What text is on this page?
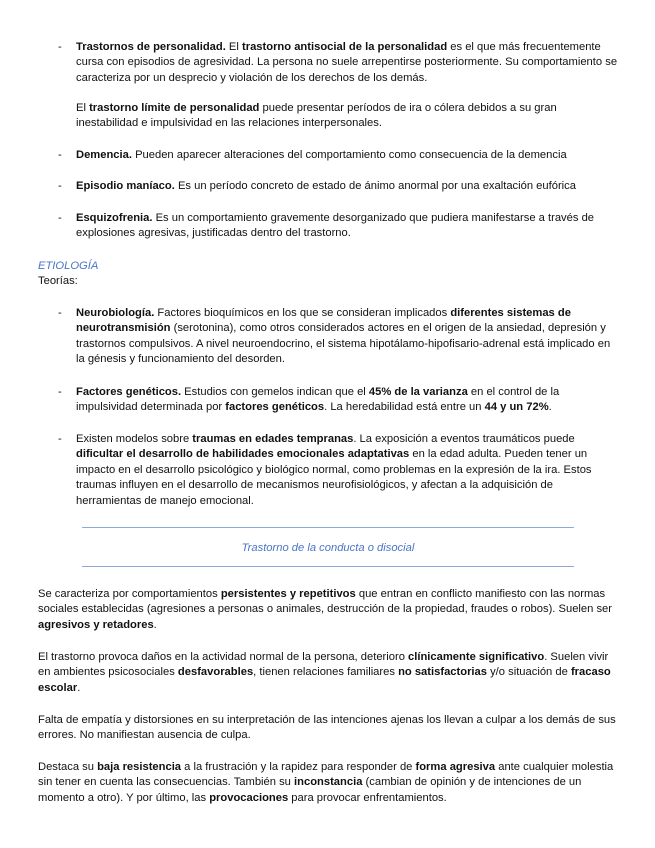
- Trastornos de personalidad. El trastorno antisocial de la personalidad es el que más frecuentemente cursa con episodios de agresividad. La persona no suele arrepentirse posteriormente. Su comportamiento se caracteriza por un desprecio y violación de los derechos de los demás.
El trastorno límite de personalidad puede presentar períodos de ira o cólera debidos a su gran inestabilidad e impulsividad en las relaciones interpersonales.
- Demencia. Pueden aparecer alteraciones del comportamiento como consecuencia de la demencia
- Episodio maníaco. Es un período concreto de estado de ánimo anormal por una exaltación eufórica
- Esquizofrenia. Es un comportamiento gravemente desorganizado que pudiera manifestarse a través de explosiones agresivas, justificadas dentro del trastorno.
ETIOLOGÍA
Teorías:
- Neurobiología. Factores bioquímicos en los que se consideran implicados diferentes sistemas de neurotransmisión (serotonina), como otros considerados actores en el origen de la ansiedad, depresión y trastornos compulsivos. A nivel neuroendocrino, el sistema hipotálamo-hipofisario-adrenal está implicado en la génesis y funcionamiento del desorden.
- Factores genéticos. Estudios con gemelos indican que el 45% de la varianza en el control de la impulsividad determinada por factores genéticos. La heredabilidad está entre un 44 y un 72%.
- Existen modelos sobre traumas en edades tempranas. La exposición a eventos traumáticos puede dificultar el desarrollo de habilidades emocionales adaptativas en la edad adulta. Pueden tener un impacto en el desarrollo psicológico y biológico normal, como problemas en la expresión de la ira. Estos traumas influyen en el desarrollo de mecanismos neurofisiológicos, y afectan a la adquisición de herramientas de manejo emocional.
Trastorno de la conducta o disocial
Se caracteriza por comportamientos persistentes y repetitivos que entran en conflicto manifiesto con las normas sociales establecidas (agresiones a personas o animales, destrucción de la propiedad, fraudes o robos). Suelen ser agresivos y retadores.
El trastorno provoca daños en la actividad normal de la persona, deterioro clínicamente significativo. Suelen vivir en ambientes psicosociales desfavorables, tienen relaciones familiares no satisfactorias y/o situación de fracaso escolar.
Falta de empatía y distorsiones en su interpretación de las intenciones ajenas los llevan a culpar a los demás de sus errores. No manifiestan ausencia de culpa.
Destaca su baja resistencia a la frustración y la rapidez para responder de forma agresiva ante cualquier molestia sin tener en cuenta las consecuencias. También su inconstancia (cambian de opinión y de intenciones de un momento a otro). Y por último, las provocaciones para provocar enfrentamientos.
